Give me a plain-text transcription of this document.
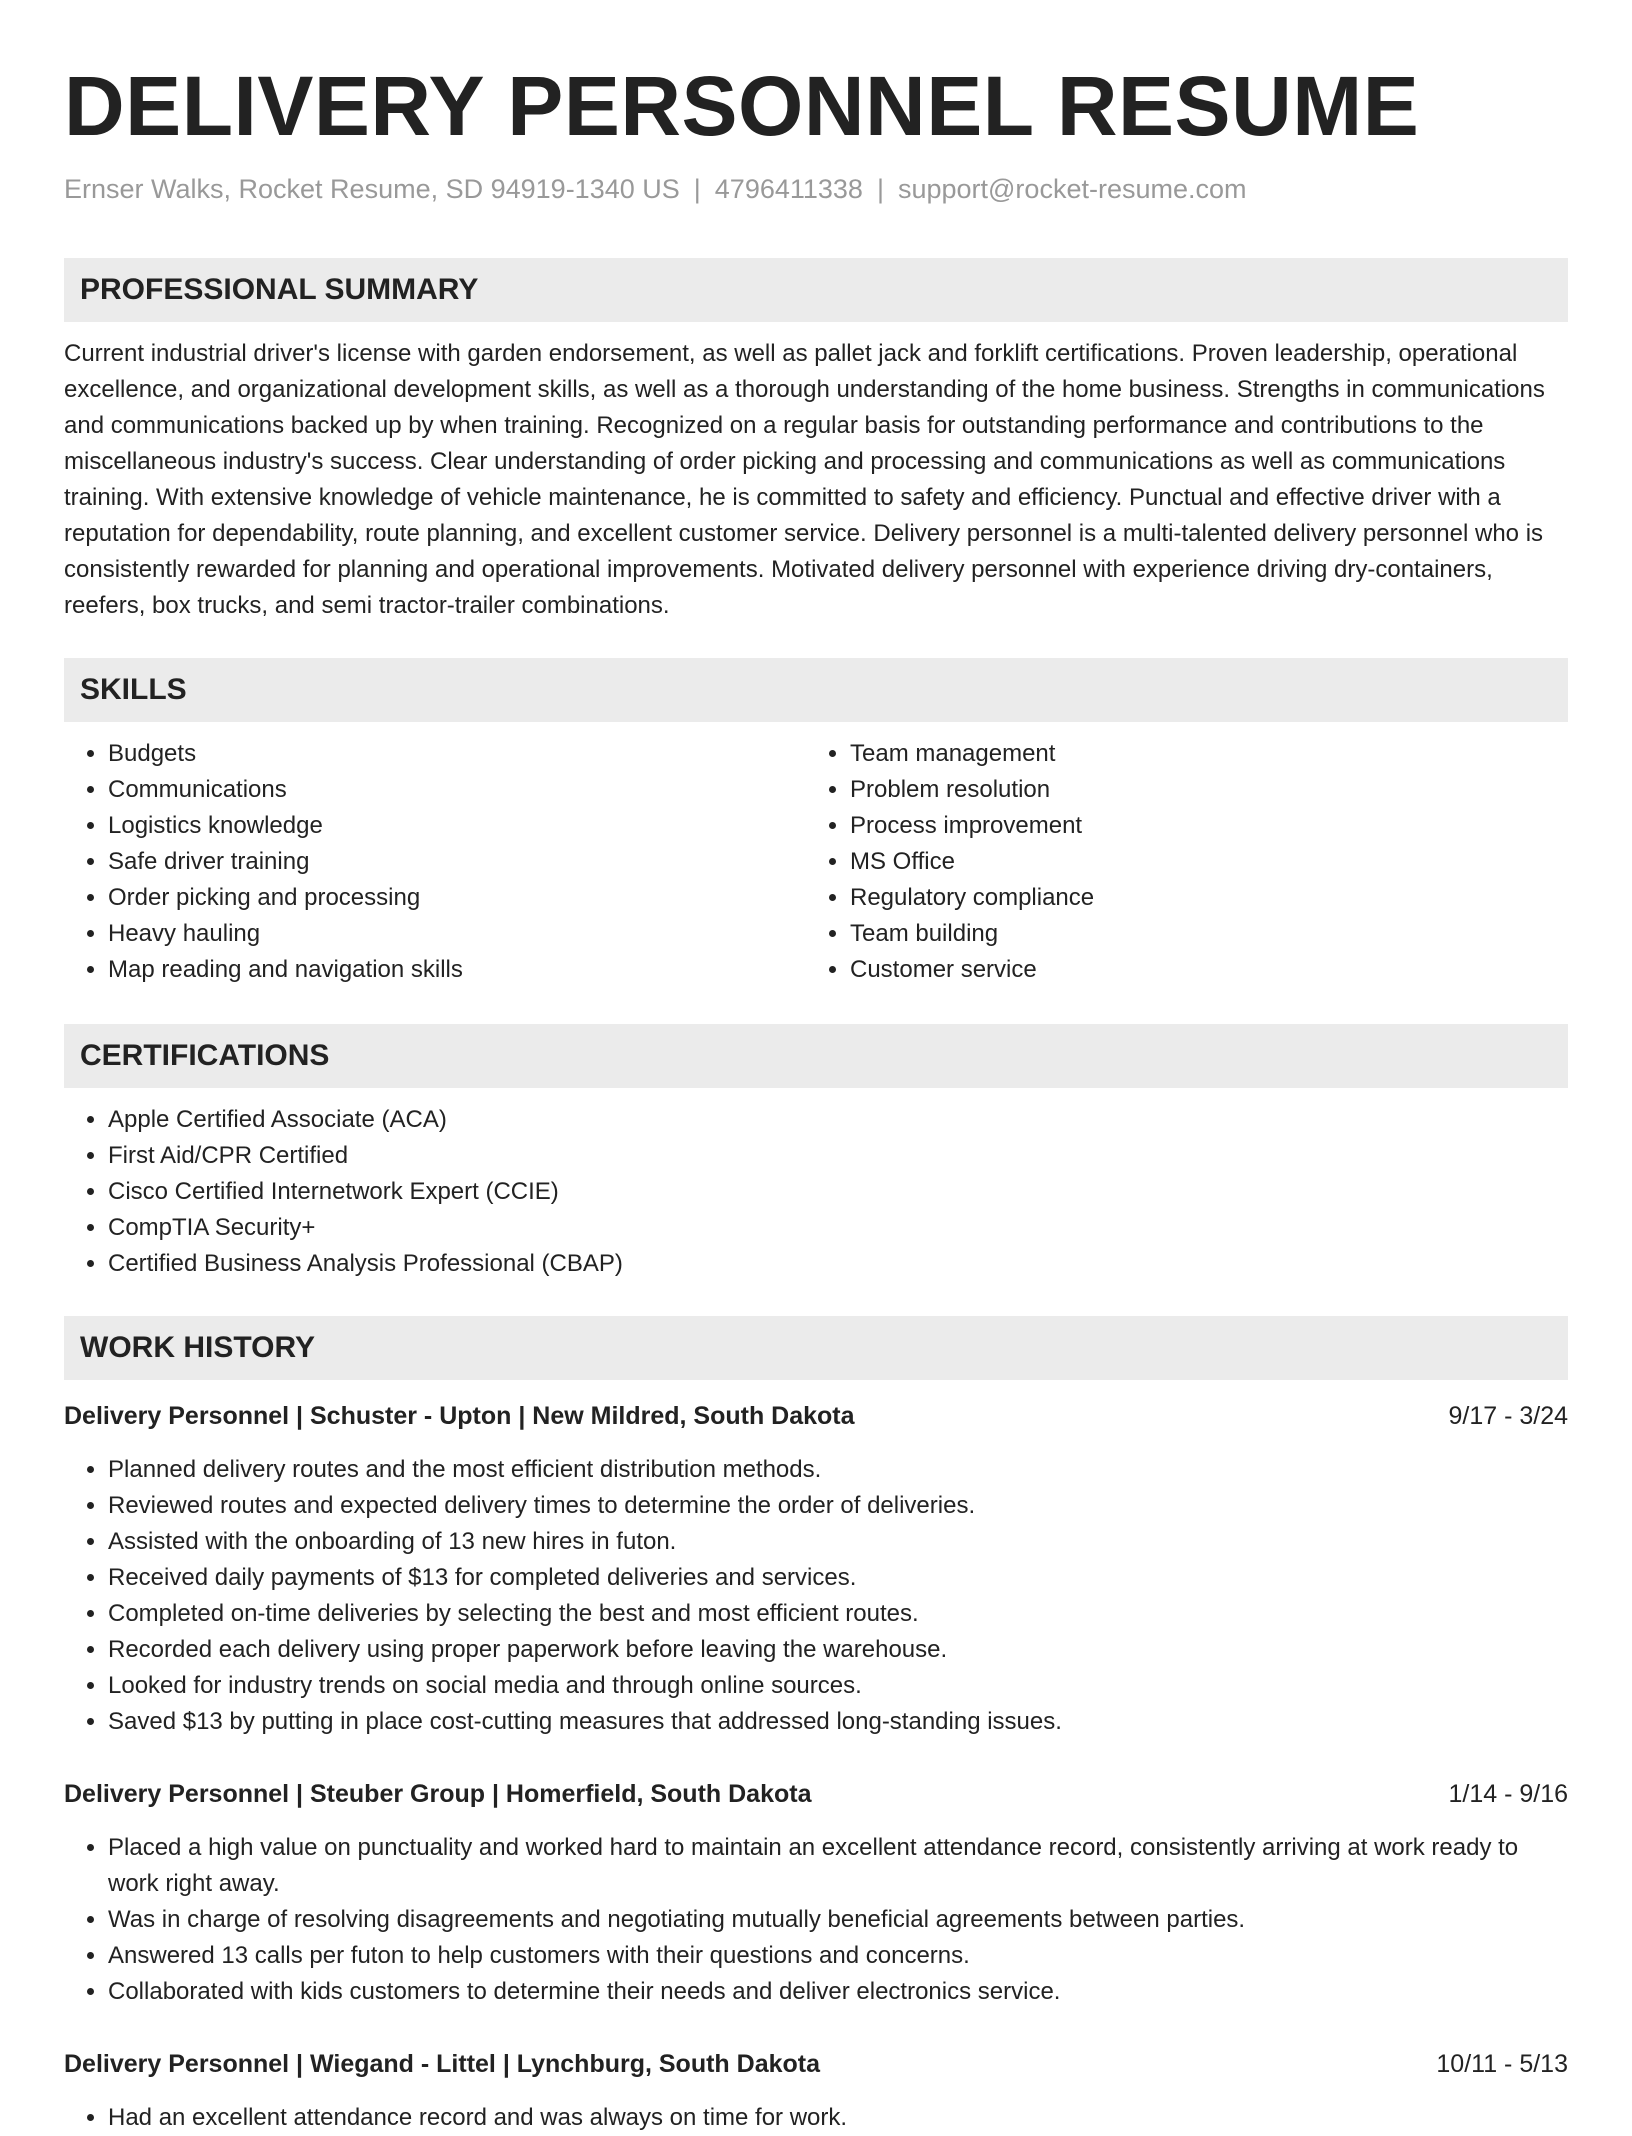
DELIVERY PERSONNEL RESUME
Ernser Walks, Rocket Resume, SD 94919-1340 US | 4796411338 | support@rocket-resume.com
PROFESSIONAL SUMMARY
Current industrial driver's license with garden endorsement, as well as pallet jack and forklift certifications. Proven leadership, operational excellence, and organizational development skills, as well as a thorough understanding of the home business. Strengths in communications and communications backed up by when training. Recognized on a regular basis for outstanding performance and contributions to the miscellaneous industry's success. Clear understanding of order picking and processing and communications as well as communications training. With extensive knowledge of vehicle maintenance, he is committed to safety and efficiency. Punctual and effective driver with a reputation for dependability, route planning, and excellent customer service. Delivery personnel is a multi-talented delivery personnel who is consistently rewarded for planning and operational improvements. Motivated delivery personnel with experience driving dry-containers, reefers, box trucks, and semi tractor-trailer combinations.
SKILLS
• Budgets
• Communications
• Logistics knowledge
• Safe driver training
• Order picking and processing
• Heavy hauling
• Map reading and navigation skills
• Team management
• Problem resolution
• Process improvement
• MS Office
• Regulatory compliance
• Team building
• Customer service
CERTIFICATIONS
• Apple Certified Associate (ACA)
• First Aid/CPR Certified
• Cisco Certified Internetwork Expert (CCIE)
• CompTIA Security+
• Certified Business Analysis Professional (CBAP)
WORK HISTORY
Delivery Personnel | Schuster - Upton | New Mildred, South Dakota	9/17 - 3/24
• Planned delivery routes and the most efficient distribution methods.
• Reviewed routes and expected delivery times to determine the order of deliveries.
• Assisted with the onboarding of 13 new hires in futon.
• Received daily payments of $13 for completed deliveries and services.
• Completed on-time deliveries by selecting the best and most efficient routes.
• Recorded each delivery using proper paperwork before leaving the warehouse.
• Looked for industry trends on social media and through online sources.
• Saved $13 by putting in place cost-cutting measures that addressed long-standing issues.
Delivery Personnel | Steuber Group | Homerfield, South Dakota	1/14 - 9/16
• Placed a high value on punctuality and worked hard to maintain an excellent attendance record, consistently arriving at work ready to work right away.
• Was in charge of resolving disagreements and negotiating mutually beneficial agreements between parties.
• Answered 13 calls per futon to help customers with their questions and concerns.
• Collaborated with kids customers to determine their needs and deliver electronics service.
Delivery Personnel | Wiegand - Littel | Lynchburg, South Dakota	10/11 - 5/13
• Had an excellent attendance record and was always on time for work.
